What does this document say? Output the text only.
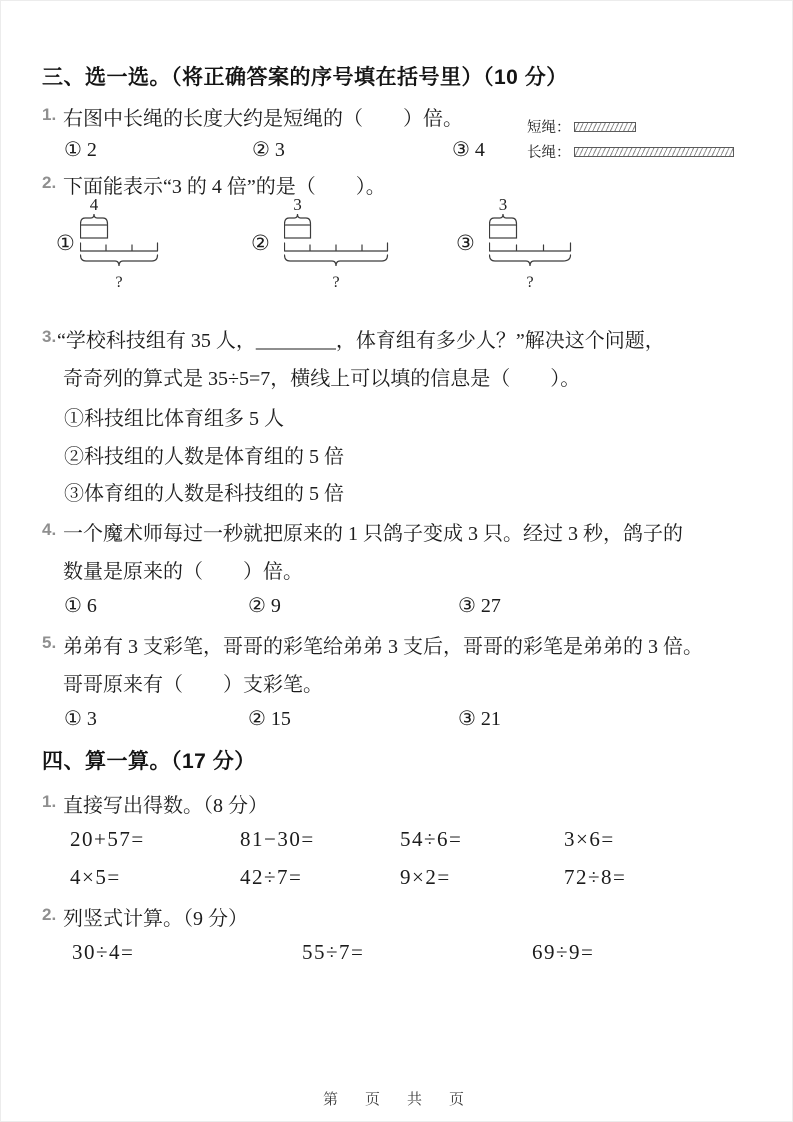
三、选一选。（将正确答案的序号填在括号里）（10 分）
1. 右图中长绳的长度大约是短绳的（　　）倍。
① 2	② 3	③ 4
短绳：
长绳：
2. 下面能表示“3 的 4 倍”的是（　　）。
①
4
?
②
3
?
③
3
?
3. “学校科技组有 35 人，________，体育组有多少人？”解决这个问题，
奇奇列的算式是 35÷5=7，横线上可以填的信息是（　　）。
①科技组比体育组多 5 人
②科技组的人数是体育组的 5 倍
③体育组的人数是科技组的 5 倍
4. 一个魔术师每过一秒就把原来的 1 只鸽子变成 3 只。经过 3 秒，鸽子的
数量是原来的（　　）倍。
① 6	② 9	③ 27
5. 弟弟有 3 支彩笔，哥哥的彩笔给弟弟 3 支后，哥哥的彩笔是弟弟的 3 倍。
哥哥原来有（　　）支彩笔。
① 3	② 15	③ 21
四、算一算。（17 分）
1. 直接写出得数。（8 分）
20+57=	81−30=	54÷6=	3×6=
4×5=	42÷7=	9×2=	72÷8=
2. 列竖式计算。（9 分）
30÷4=	55÷7=	69÷9=
第　页　共　页
